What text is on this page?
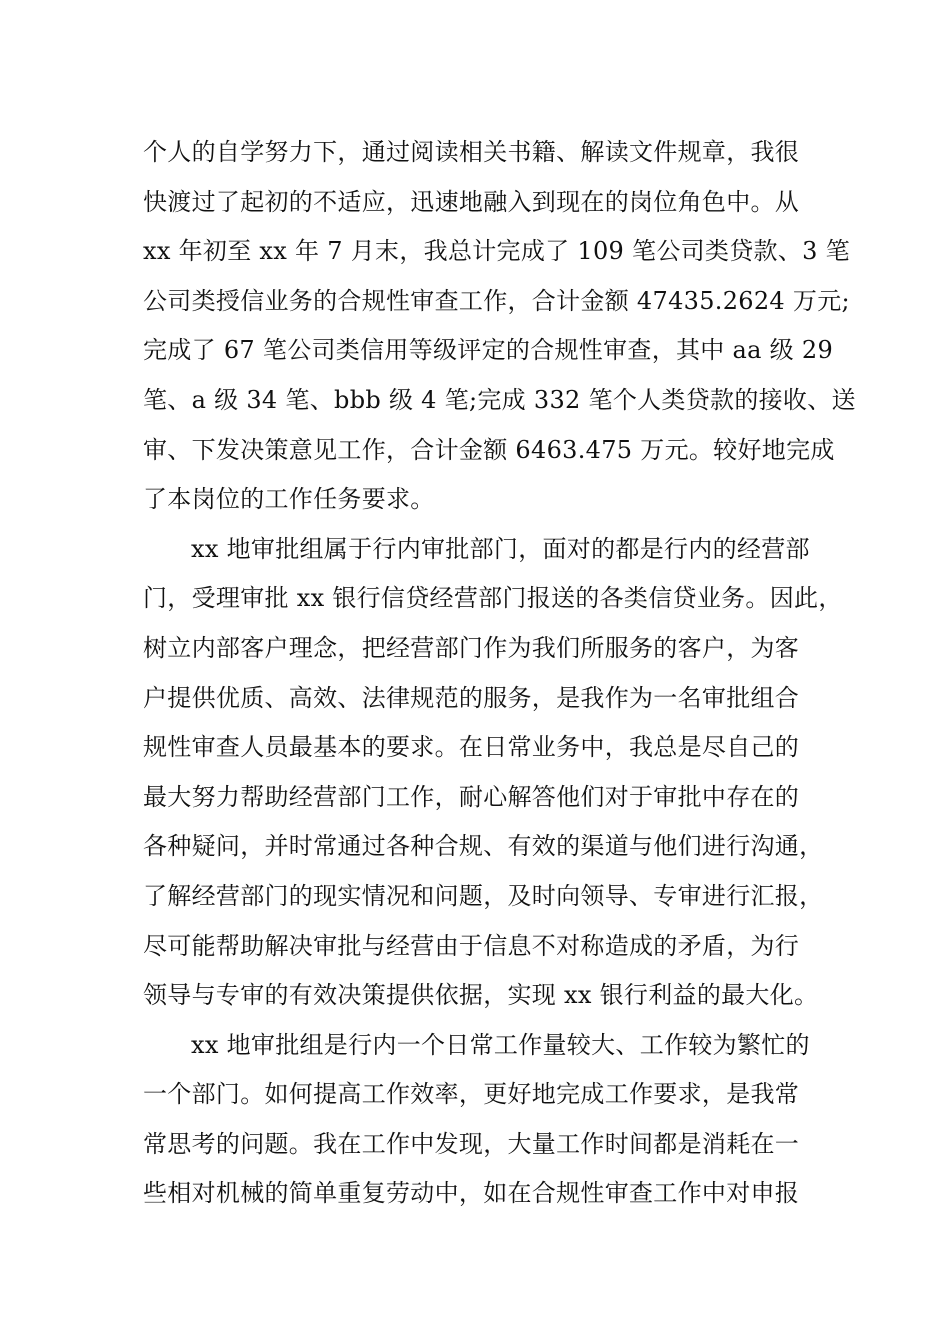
个人的自学努力下，通过阅读相关书籍、解读文件规章，我很
快渡过了起初的不适应，迅速地融入到现在的岗位角色中。从
xx 年初至 xx 年 7 月末，我总计完成了 109 笔公司类贷款、3 笔
公司类授信业务的合规性审查工作，合计金额 47435.2624 万元;
完成了 67 笔公司类信用等级评定的合规性审查，其中 aa 级 29
笔、a 级 34 笔、bbb 级 4 笔;完成 332 笔个人类贷款的接收、送
审、下发决策意见工作，合计金额 6463.475 万元。较好地完成
了本岗位的工作任务要求。
xx 地审批组属于行内审批部门，面对的都是行内的经营部
门，受理审批 xx 银行信贷经营部门报送的各类信贷业务。因此，
树立内部客户理念，把经营部门作为我们所服务的客户，为客
户提供优质、高效、法律规范的服务，是我作为一名审批组合
规性审查人员最基本的要求。在日常业务中，我总是尽自己的
最大努力帮助经营部门工作，耐心解答他们对于审批中存在的
各种疑问，并时常通过各种合规、有效的渠道与他们进行沟通，
了解经营部门的现实情况和问题，及时向领导、专审进行汇报，
尽可能帮助解决审批与经营由于信息不对称造成的矛盾，为行
领导与专审的有效决策提供依据，实现 xx 银行利益的最大化。
xx 地审批组是行内一个日常工作量较大、工作较为繁忙的
一个部门。如何提高工作效率，更好地完成工作要求，是我常
常思考的问题。我在工作中发现，大量工作时间都是消耗在一
些相对机械的简单重复劳动中，如在合规性审查工作中对申报
